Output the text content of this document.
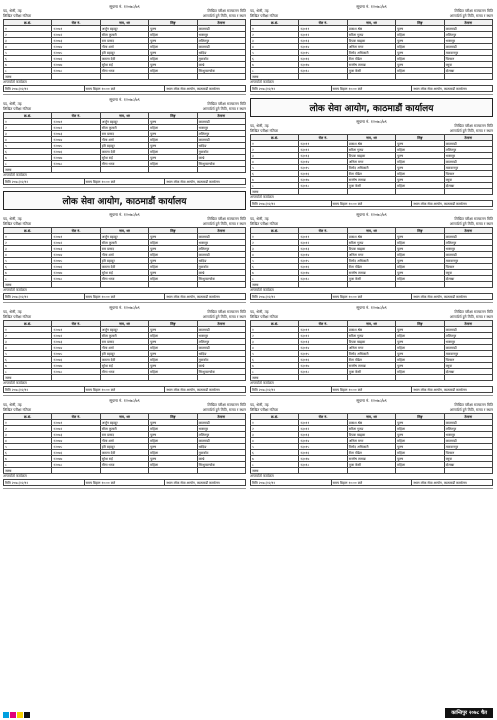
सूचना नं. १२०७८/७९
पद, श्रेणी, तह	लिखित परीक्षा सञ्चालन मिति
लिखित परीक्षा नतिजा	अन्तर्वार्ता हुने मिति, समय र स्थान
क्र.सं.	रोल नं.	नाम, थर	लिङ्ग	ठेगाना
१	१२०७१	अर्जुन बहादुर	पुरुष	काठमाडौं
२	१२०७२	सीता कुमारी	महिला	भक्तपुर
३	१२०७३	राम प्रसाद	पुरुष	ललितपुर
४	१२०७४	गीता शर्मा	महिला	काठमाडौं
५	१२०७५	हरि बहादुर	पुरुष	धादिङ
६	१२०७६	कमला देवी	महिला	नुवाकोट
७	१२०७७	सुरेश राई	पुरुष	काभ्रे
८	१२०७८	मीना थापा	महिला	सिन्धुपाल्चोक
जम्मा				
अन्तर्वार्ता कार्यक्रम
मिति २०७८/१२/१२	समय बिहान १०:०० बजे	स्थान लोक सेवा आयोग, काठमाडौं कार्यालय
सूचना नं. १२०७८/७९
पद, श्रेणी, तह	लिखित परीक्षा सञ्चालन मिति
लिखित परीक्षा नतिजा	अन्तर्वार्ता हुने मिति, समय र स्थान
क्र.सं.	रोल नं.	नाम, थर	लिङ्ग	ठेगाना
१	१२०७१	अर्जुन बहादुर	पुरुष	काठमाडौं
२	१२०७२	सीता कुमारी	महिला	भक्तपुर
३	१२०७३	राम प्रसाद	पुरुष	ललितपुर
४	१२०७४	गीता शर्मा	महिला	काठमाडौं
५	१२०७५	हरि बहादुर	पुरुष	धादिङ
६	१२०७६	कमला देवी	महिला	नुवाकोट
७	१२०७७	सुरेश राई	पुरुष	काभ्रे
८	१२०७८	मीना थापा	महिला	सिन्धुपाल्चोक
जम्मा				
अन्तर्वार्ता कार्यक्रम
मिति २०७८/१२/१२	समय बिहान १०:०० बजे	स्थान लोक सेवा आयोग, काठमाडौं कार्यालय
लोक सेवा आयोग, काठमाडौं कार्यालय
सूचना नं. १२०७८/७९
पद, श्रेणी, तह	लिखित परीक्षा सञ्चालन मिति
लिखित परीक्षा नतिजा	अन्तर्वार्ता हुने मिति, समय र स्थान
क्र.सं.	रोल नं.	नाम, थर	लिङ्ग	ठेगाना
१	१२०७१	अर्जुन बहादुर	पुरुष	काठमाडौं
२	१२०७२	सीता कुमारी	महिला	भक्तपुर
३	१२०७३	राम प्रसाद	पुरुष	ललितपुर
४	१२०७४	गीता शर्मा	महिला	काठमाडौं
५	१२०७५	हरि बहादुर	पुरुष	धादिङ
६	१२०७६	कमला देवी	महिला	नुवाकोट
७	१२०७७	सुरेश राई	पुरुष	काभ्रे
८	१२०७८	मीना थापा	महिला	सिन्धुपाल्चोक
जम्मा				
अन्तर्वार्ता कार्यक्रम
मिति २०७८/१२/१२	समय बिहान १०:०० बजे	स्थान लोक सेवा आयोग, काठमाडौं कार्यालय
सूचना नं. १२०७८/७९
पद, श्रेणी, तह	लिखित परीक्षा सञ्चालन मिति
लिखित परीक्षा नतिजा	अन्तर्वार्ता हुने मिति, समय र स्थान
क्र.सं.	रोल नं.	नाम, थर	लिङ्ग	ठेगाना
१	१२०७१	अर्जुन बहादुर	पुरुष	काठमाडौं
२	१२०७२	सीता कुमारी	महिला	भक्तपुर
३	१२०७३	राम प्रसाद	पुरुष	ललितपुर
४	१२०७४	गीता शर्मा	महिला	काठमाडौं
५	१२०७५	हरि बहादुर	पुरुष	धादिङ
६	१२०७६	कमला देवी	महिला	नुवाकोट
७	१२०७७	सुरेश राई	पुरुष	काभ्रे
८	१२०७८	मीना थापा	महिला	सिन्धुपाल्चोक
जम्मा				
अन्तर्वार्ता कार्यक्रम
मिति २०७८/१२/१२	समय बिहान १०:०० बजे	स्थान लोक सेवा आयोग, काठमाडौं कार्यालय
सूचना नं. १२०७८/७९
पद, श्रेणी, तह	लिखित परीक्षा सञ्चालन मिति
लिखित परीक्षा नतिजा	अन्तर्वार्ता हुने मिति, समय र स्थान
क्र.सं.	रोल नं.	नाम, थर	लिङ्ग	ठेगाना
१	१२०७१	अर्जुन बहादुर	पुरुष	काठमाडौं
२	१२०७२	सीता कुमारी	महिला	भक्तपुर
३	१२०७३	राम प्रसाद	पुरुष	ललितपुर
४	१२०७४	गीता शर्मा	महिला	काठमाडौं
५	१२०७५	हरि बहादुर	पुरुष	धादिङ
६	१२०७६	कमला देवी	महिला	नुवाकोट
७	१२०७७	सुरेश राई	पुरुष	काभ्रे
८	१२०७८	मीना थापा	महिला	सिन्धुपाल्चोक
जम्मा				
अन्तर्वार्ता कार्यक्रम
मिति २०७८/१२/१२	समय बिहान १०:०० बजे	स्थान लोक सेवा आयोग, काठमाडौं कार्यालय
सूचना नं. १२०७८/७९
पद, श्रेणी, तह	लिखित परीक्षा सञ्चालन मिति
लिखित परीक्षा नतिजा	अन्तर्वार्ता हुने मिति, समय र स्थान
क्र.सं.	रोल नं.	नाम, थर	लिङ्ग	ठेगाना
१	१३०११	प्रकाश श्रेष्ठ	पुरुष	काठमाडौं
२	१३०१२	सरिता गुरुङ	महिला	ललितपुर
३	१३०१३	दिपक खड्का	पुरुष	भक्तपुर
४	१३०१४	अनिता मगर	महिला	काठमाडौं
५	१३०१५	विनोद अधिकारी	पुरुष	मकवानपुर
६	१३०१६	रीता पौडेल	महिला	चितवन
७	१३०१७	सन्तोष तामाङ	पुरुष	रसुवा
८	१३०१८	पूजा केसी	महिला	दोलखा
जम्मा				
अन्तर्वार्ता कार्यक्रम
मिति २०७८/१२/१२	समय बिहान १०:०० बजे	स्थान लोक सेवा आयोग, काठमाडौं कार्यालय
लोक सेवा आयोग, काठमाडौं कार्यालय
सूचना नं. १२०७८/७९
पद, श्रेणी, तह	लिखित परीक्षा सञ्चालन मिति
लिखित परीक्षा नतिजा	अन्तर्वार्ता हुने मिति, समय र स्थान
क्र.सं.	रोल नं.	नाम, थर	लिङ्ग	ठेगाना
१	१३०११	प्रकाश श्रेष्ठ	पुरुष	काठमाडौं
२	१३०१२	सरिता गुरुङ	महिला	ललितपुर
३	१३०१३	दिपक खड्का	पुरुष	भक्तपुर
४	१३०१४	अनिता मगर	महिला	काठमाडौं
५	१३०१५	विनोद अधिकारी	पुरुष	मकवानपुर
६	१३०१६	रीता पौडेल	महिला	चितवन
७	१३०१७	सन्तोष तामाङ	पुरुष	रसुवा
८	१३०१८	पूजा केसी	महिला	दोलखा
जम्मा				
अन्तर्वार्ता कार्यक्रम
मिति २०७८/१२/१२	समय बिहान १०:०० बजे	स्थान लोक सेवा आयोग, काठमाडौं कार्यालय
सूचना नं. १२०७८/७९
पद, श्रेणी, तह	लिखित परीक्षा सञ्चालन मिति
लिखित परीक्षा नतिजा	अन्तर्वार्ता हुने मिति, समय र स्थान
क्र.सं.	रोल नं.	नाम, थर	लिङ्ग	ठेगाना
१	१३०११	प्रकाश श्रेष्ठ	पुरुष	काठमाडौं
२	१३०१२	सरिता गुरुङ	महिला	ललितपुर
३	१३०१३	दिपक खड्का	पुरुष	भक्तपुर
४	१३०१४	अनिता मगर	महिला	काठमाडौं
५	१३०१५	विनोद अधिकारी	पुरुष	मकवानपुर
६	१३०१६	रीता पौडेल	महिला	चितवन
७	१३०१७	सन्तोष तामाङ	पुरुष	रसुवा
८	१३०१८	पूजा केसी	महिला	दोलखा
जम्मा				
अन्तर्वार्ता कार्यक्रम
मिति २०७८/१२/१२	समय बिहान १०:०० बजे	स्थान लोक सेवा आयोग, काठमाडौं कार्यालय
सूचना नं. १२०७८/७९
पद, श्रेणी, तह	लिखित परीक्षा सञ्चालन मिति
लिखित परीक्षा नतिजा	अन्तर्वार्ता हुने मिति, समय र स्थान
क्र.सं.	रोल नं.	नाम, थर	लिङ्ग	ठेगाना
१	१३०११	प्रकाश श्रेष्ठ	पुरुष	काठमाडौं
२	१३०१२	सरिता गुरुङ	महिला	ललितपुर
३	१३०१३	दिपक खड्का	पुरुष	भक्तपुर
४	१३०१४	अनिता मगर	महिला	काठमाडौं
५	१३०१५	विनोद अधिकारी	पुरुष	मकवानपुर
६	१३०१६	रीता पौडेल	महिला	चितवन
७	१३०१७	सन्तोष तामाङ	पुरुष	रसुवा
८	१३०१८	पूजा केसी	महिला	दोलखा
जम्मा				
अन्तर्वार्ता कार्यक्रम
मिति २०७८/१२/१२	समय बिहान १०:०० बजे	स्थान लोक सेवा आयोग, काठमाडौं कार्यालय
सूचना नं. १२०७८/७९
पद, श्रेणी, तह	लिखित परीक्षा सञ्चालन मिति
लिखित परीक्षा नतिजा	अन्तर्वार्ता हुने मिति, समय र स्थान
क्र.सं.	रोल नं.	नाम, थर	लिङ्ग	ठेगाना
१	१३०११	प्रकाश श्रेष्ठ	पुरुष	काठमाडौं
२	१३०१२	सरिता गुरुङ	महिला	ललितपुर
३	१३०१३	दिपक खड्का	पुरुष	भक्तपुर
४	१३०१४	अनिता मगर	महिला	काठमाडौं
५	१३०१५	विनोद अधिकारी	पुरुष	मकवानपुर
६	१३०१६	रीता पौडेल	महिला	चितवन
७	१३०१७	सन्तोष तामाङ	पुरुष	रसुवा
८	१३०१८	पूजा केसी	महिला	दोलखा
जम्मा				
अन्तर्वार्ता कार्यक्रम
मिति २०७८/१२/१२	समय बिहान १०:०० बजे	स्थान लोक सेवा आयोग, काठमाडौं कार्यालय
कान्तिपुर २०७८ चैत
